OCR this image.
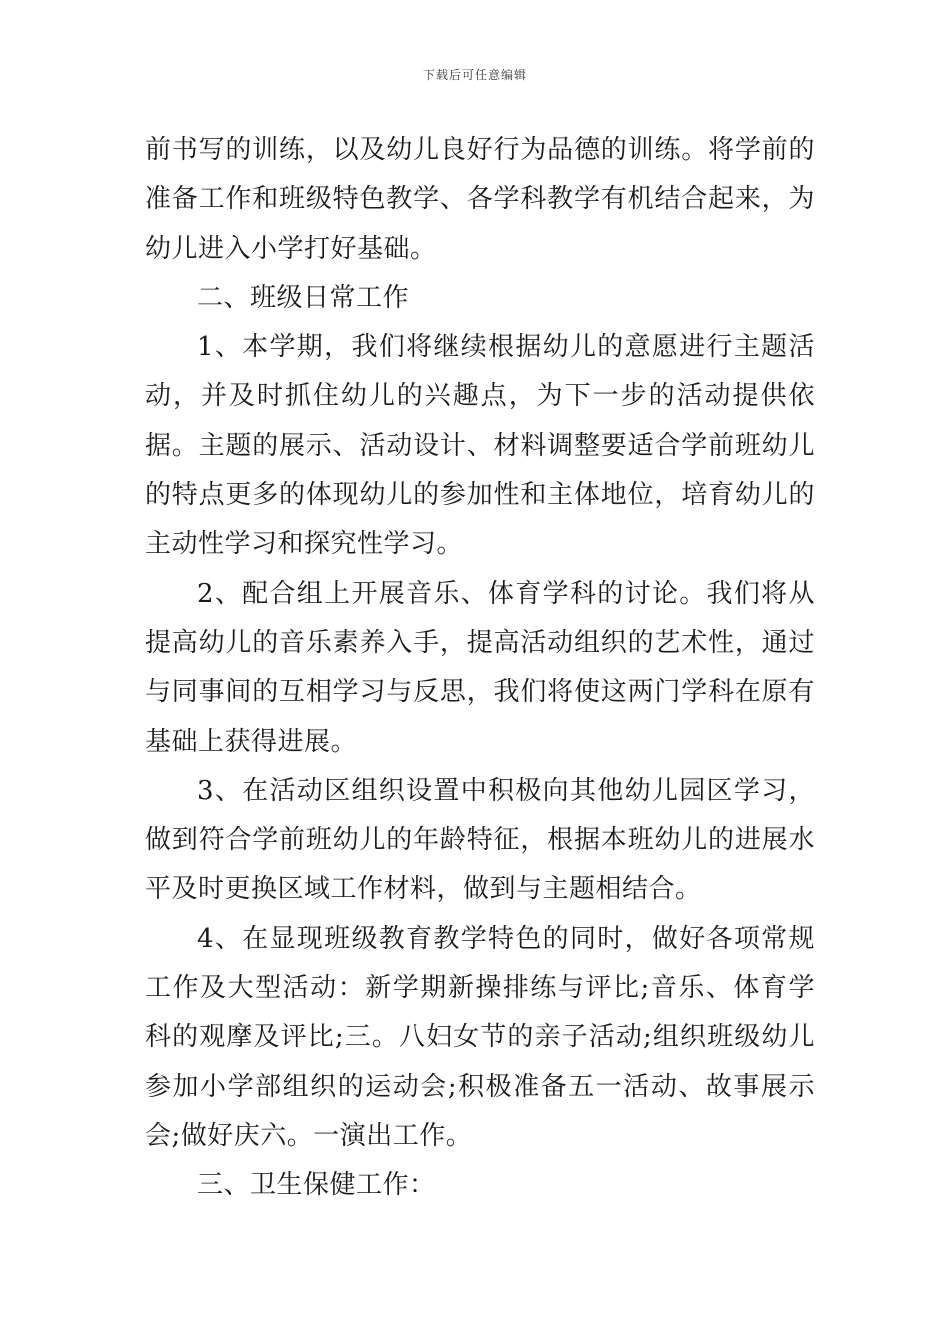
下载后可任意编辑

前书写的训练，以及幼儿良好行为品德的训练。将学前的准备工作和班级特色教学、各学科教学有机结合起来，为幼儿进入小学打好基础。

二、班级日常工作

1、本学期，我们将继续根据幼儿的意愿进行主题活动，并及时抓住幼儿的兴趣点，为下一步的活动提供依据。主题的展示、活动设计、材料调整要适合学前班幼儿的特点更多的体现幼儿的参加性和主体地位，培育幼儿的主动性学习和探究性学习。

2、配合组上开展音乐、体育学科的讨论。我们将从提高幼儿的音乐素养入手，提高活动组织的艺术性，通过与同事间的互相学习与反思，我们将使这两门学科在原有基础上获得进展。

3、在活动区组织设置中积极向其他幼儿园区学习，做到符合学前班幼儿的年龄特征，根据本班幼儿的进展水平及时更换区域工作材料，做到与主题相结合。

4、在显现班级教育教学特色的同时，做好各项常规工作及大型活动：新学期新操排练与评比;音乐、体育学科的观摩及评比;三。八妇女节的亲子活动;组织班级幼儿参加小学部组织的运动会;积极准备五一活动、故事展示会;做好庆六。一演出工作。

三、卫生保健工作：
